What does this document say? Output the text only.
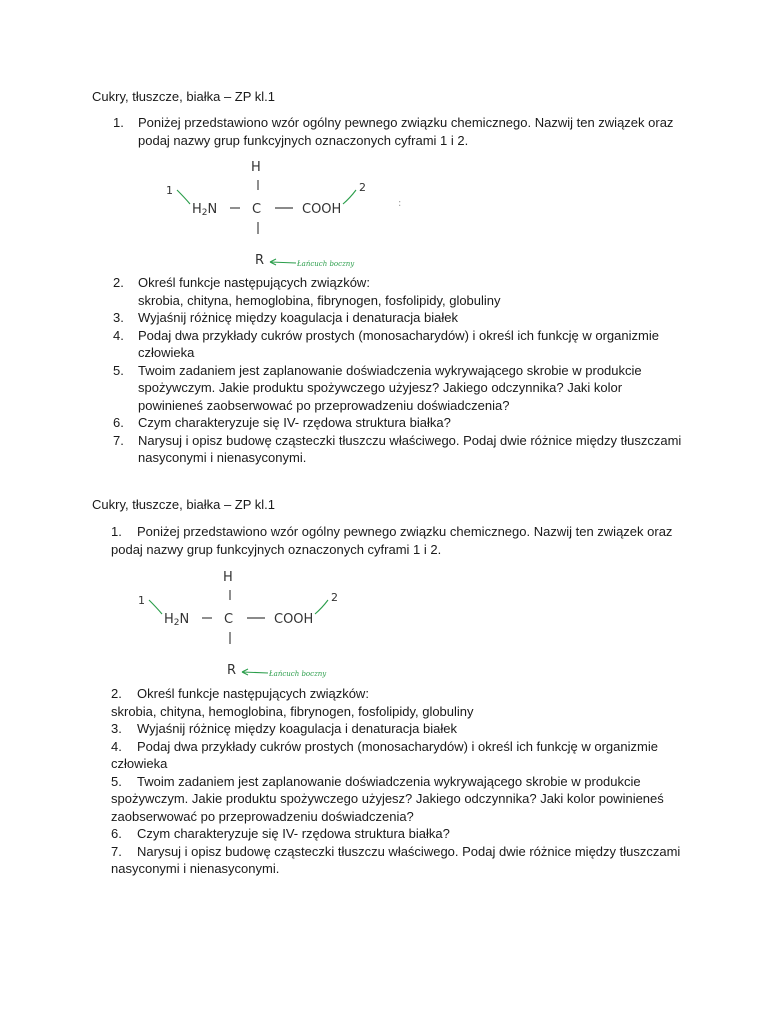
Cukry, tłuszcze, białka – ZP kl.1
1. Poniżej przedstawiono wzór ogólny pewnego związku chemicznego. Nazwij ten związek oraz
podaj nazwy grup funkcyjnych oznaczonych cyframi 1 i 2.
H
H2N	C	COOH
R
:
1	2
Łańcuch boczny
2. Określ funkcje następujących związków:
skrobia, chityna, hemoglobina, fibrynogen, fosfolipidy, globuliny
3. Wyjaśnij różnicę między koagulacja i denaturacja białek
4. Podaj dwa przykłady cukrów prostych (monosacharydów) i określ ich funkcję w organizmie
człowieka
5. Twoim zadaniem jest zaplanowanie doświadczenia wykrywającego skrobie w produkcie
spożywczym. Jakie produktu spożywczego użyjesz? Jakiego odczynnika? Jaki kolor
powinieneś zaobserwować po przeprowadzeniu doświadczenia?
6. Czym charakteryzuje się IV- rzędowa struktura białka?
7. Narysuj i opisz budowę cząsteczki tłuszczu właściwego. Podaj dwie różnice między tłuszczami
nasyconymi i nienasyconymi.
Cukry, tłuszcze, białka – ZP kl.1
1. Poniżej przedstawiono wzór ogólny pewnego związku chemicznego. Nazwij ten związek oraz
podaj nazwy grup funkcyjnych oznaczonych cyframi 1 i 2.
H
H2N	C	COOH
R
1	2
Łańcuch boczny
2. Określ funkcje następujących związków:
skrobia, chityna, hemoglobina, fibrynogen, fosfolipidy, globuliny
3. Wyjaśnij różnicę między koagulacja i denaturacja białek
4. Podaj dwa przykłady cukrów prostych (monosacharydów) i określ ich funkcję w organizmie
człowieka
5. Twoim zadaniem jest zaplanowanie doświadczenia wykrywającego skrobie w produkcie
spożywczym. Jakie produktu spożywczego użyjesz? Jakiego odczynnika? Jaki kolor powinieneś
zaobserwować po przeprowadzeniu doświadczenia?
6. Czym charakteryzuje się IV- rzędowa struktura białka?
7. Narysuj i opisz budowę cząsteczki tłuszczu właściwego. Podaj dwie różnice między tłuszczami
nasyconymi i nienasyconymi.
